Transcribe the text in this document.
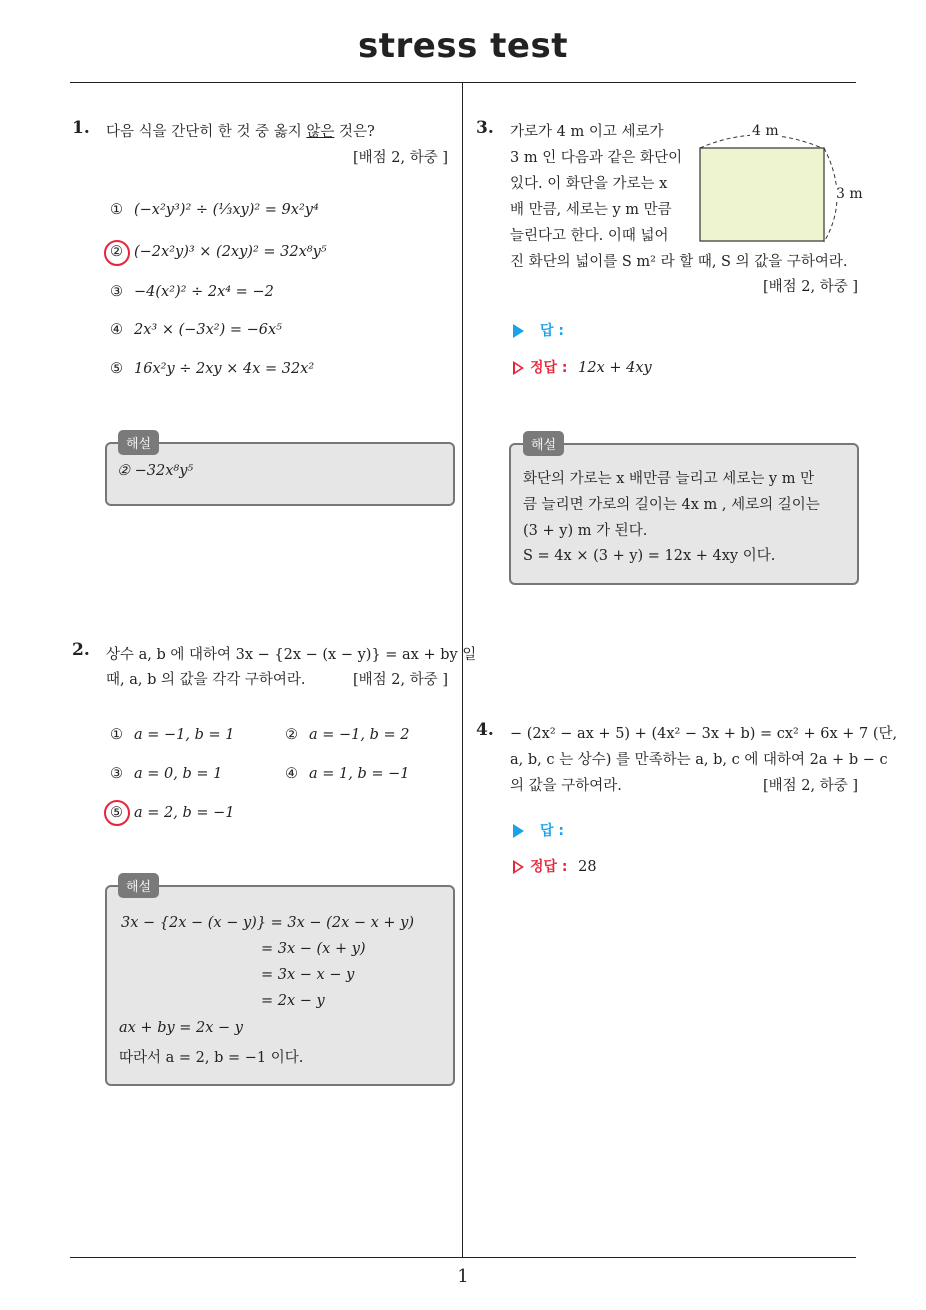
stress test
1
1. 다음 식을 간단히 한 것 중 옳지 않은 것은?
[배점 2, 하중 ]
① (−x²y³)² ÷ (⅓xy)² = 9x²y⁴
② (−2x²y)³ × (2xy)² = 32x⁸y⁵
③ −4(x²)² ÷ 2x⁴ = −2
④ 2x³ × (−3x²) = −6x⁵
⑤ 16x²y ÷ 2xy × 4x = 32x²
② −32x⁸y⁵
해설
2. 상수 a, b 에 대하여 3x − {2x − (x − y)} = ax + by 일
때, a, b 의 값을 각각 구하여라.	[배점 2, 하중 ]
① a = −1, b = 1	② a = −1, b = 2
③ a = 0, b = 1	④ a = 1, b = −1
⑤ a = 2, b = −1
3x − {2x − (x − y)} = 3x − (2x − x + y)
= 3x − (x + y)
= 3x − x − y
= 2x − y
ax + by = 2x − y
따라서 a = 2, b = −1 이다.
해설
3. 가로가 4 m 이고 세로가
3 m 인 다음과 같은 화단이
있다. 이 화단을 가로는 x
배 만큼, 세로는 y m 만큼
늘린다고 한다. 이때 넓어
진 화단의 넓이를 S m² 라 할 때, S 의 값을 구하여라.
[배점 2, 하중 ]
4 m
3 m
답 :
정답 : 12x + 4xy
화단의 가로는 x 배만큼 늘리고 세로는 y m 만
큼 늘리면 가로의 길이는 4x m , 세로의 길이는
(3 + y) m 가 된다.
S = 4x × (3 + y) = 12x + 4xy 이다.
해설
4. − (2x² − ax + 5) + (4x² − 3x + b) = cx² + 6x + 7 (단,
a, b, c 는 상수) 를 만족하는 a, b, c 에 대하여 2a + b − c
의 값을 구하여라.	[배점 2, 하중 ]
답 :
정답 : 28
